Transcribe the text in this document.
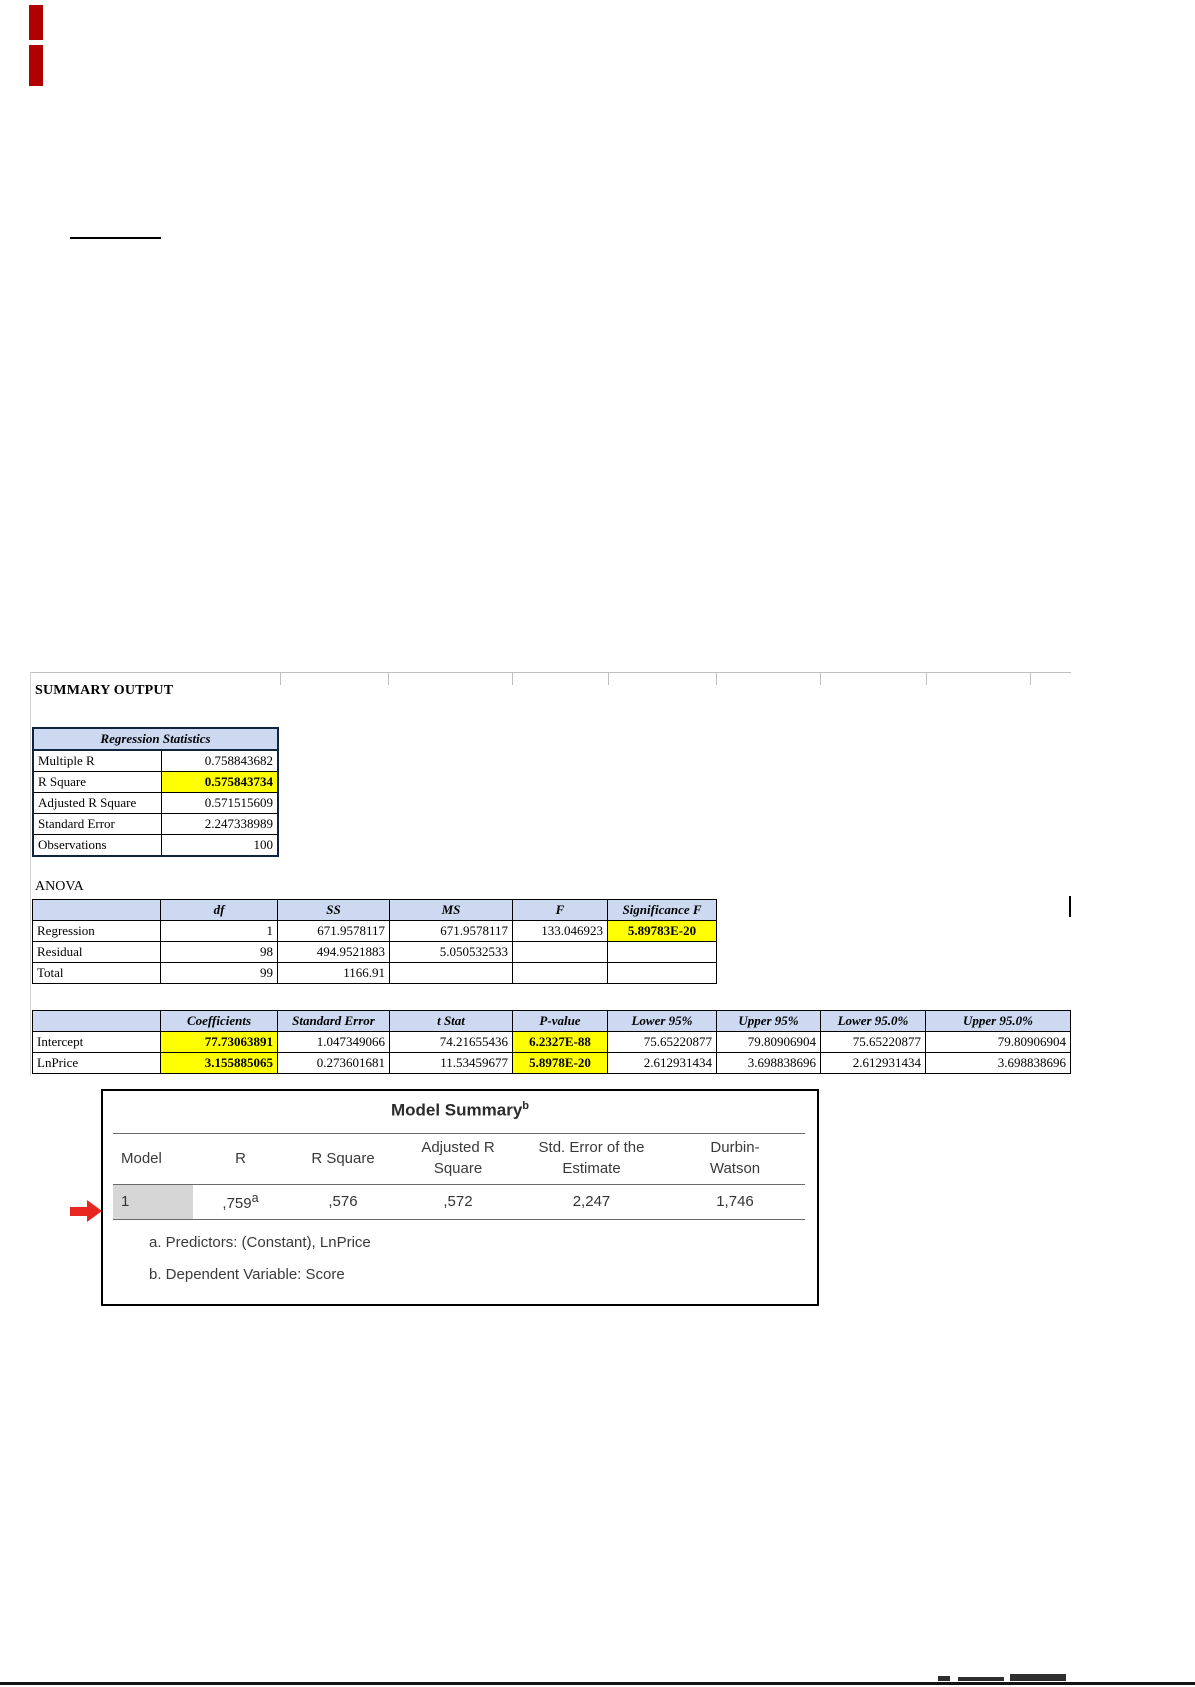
SUMMARY OUTPUT
Regression Statistics	
Multiple R	0.758843682
R Square	0.575843734
Adjusted R Square	0.571515609
Standard Error	2.247338989
Observations	100
ANOVA
	df	SS	MS	F	Significance F
Regression	1	671.9578117	671.9578117	133.046923	5.89783E-20
Residual	98	494.9521883	5.050532533		
Total	99	1166.91			
	Coefficients	Standard Error	t Stat	P-value	Lower 95%	Upper 95%	Lower 95.0%	Upper 95.0%
Intercept	77.73063891	1.047349066	74.21655436	6.2327E-88	75.65220877	79.80906904	75.65220877	79.80906904
LnPrice	3.155885065	0.273601681	11.53459677	5.8978E-20	2.612931434	3.698838696	2.612931434	3.698838696
Model Summary$^b$
Model	R	R Square	Adjusted R Square	Std. Error of the Estimate	Durbin-Watson
1	,759$^a$	,576	,572	2,247	1,746
a. Predictors: (Constant), LnPrice
b. Dependent Variable: Score
